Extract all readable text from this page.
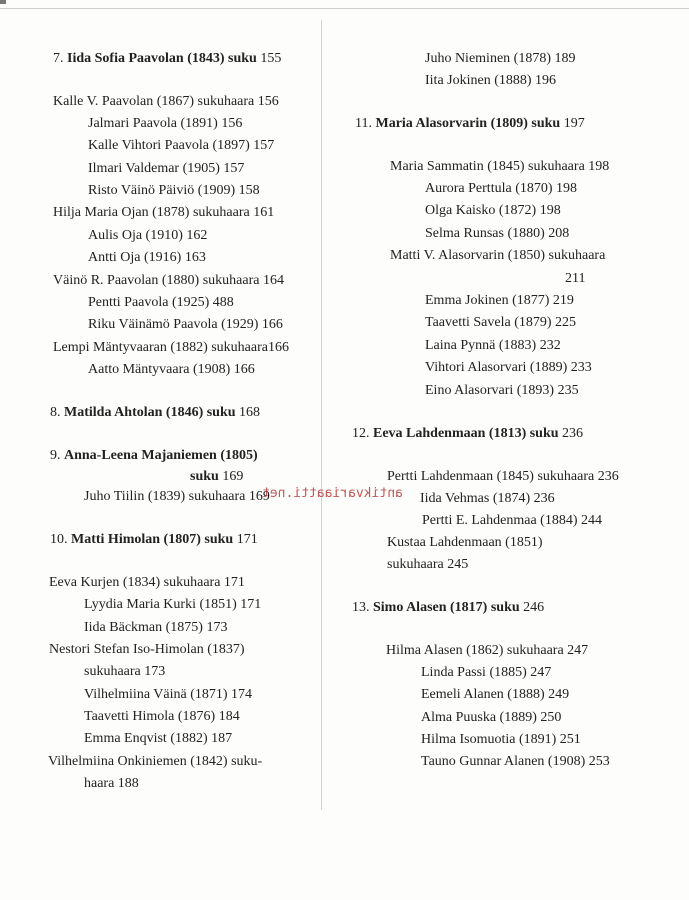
7. Iida Sofia Paavolan (1843) suku 155
Kalle V. Paavolan (1867) sukuhaara 156
Jalmari Paavola (1891) 156
Kalle Vihtori Paavola (1897) 157
Ilmari Valdemar (1905) 157
Risto Väinö Päiviö (1909) 158
Hilja Maria Ojan (1878) sukuhaara 161
Aulis Oja (1910) 162
Antti Oja (1916) 163
Väinö R. Paavolan (1880) sukuhaara 164
Pentti Paavola (1925) 488
Riku Väinämö Paavola (1929) 166
Lempi Mäntyvaaran (1882) sukuhaara166
Aatto Mäntyvaara (1908) 166
8. Matilda Ahtolan (1846) suku 168
9. Anna-Leena Majaniemen (1805)
suku 169
Juho Tiilin (1839) sukuhaara 169
10. Matti Himolan (1807) suku 171
Eeva Kurjen (1834) sukuhaara 171
Lyydia Maria Kurki (1851) 171
Iida Bäckman (1875) 173
Nestori Stefan Iso-Himolan (1837)
sukuhaara 173
Vilhelmiina Väinä (1871) 174
Taavetti Himola (1876) 184
Emma Enqvist (1882) 187
Vilhelmiina Onkiniemen (1842) suku-
haara 188
Juho Nieminen (1878) 189
Iita Jokinen (1888) 196
11. Maria Alasorvarin (1809) suku 197
Maria Sammatin (1845) sukuhaara 198
Aurora Perttula (1870) 198
Olga Kaisko (1872) 198
Selma Runsas (1880) 208
Matti V. Alasorvarin (1850) sukuhaara
211
Emma Jokinen (1877) 219
Taavetti Savela (1879) 225
Laina Pynnä (1883) 232
Vihtori Alasorvari (1889) 233
Eino Alasorvari (1893) 235
12. Eeva Lahdenmaan (1813) suku 236
Pertti Lahdenmaan (1845) sukuhaara 236
Iida Vehmas (1874) 236
Pertti E. Lahdenmaa (1884) 244
Kustaa Lahdenmaan (1851)
sukuhaara 245
13. Simo Alasen (1817) suku 246
Hilma Alasen (1862) sukuhaara 247
Linda Passi (1885) 247
Eemeli Alanen (1888) 249
Alma Puuska (1889) 250
Hilma Isomuotia (1891) 251
Tauno Gunnar Alanen (1908) 253
antikvariaatti.net
